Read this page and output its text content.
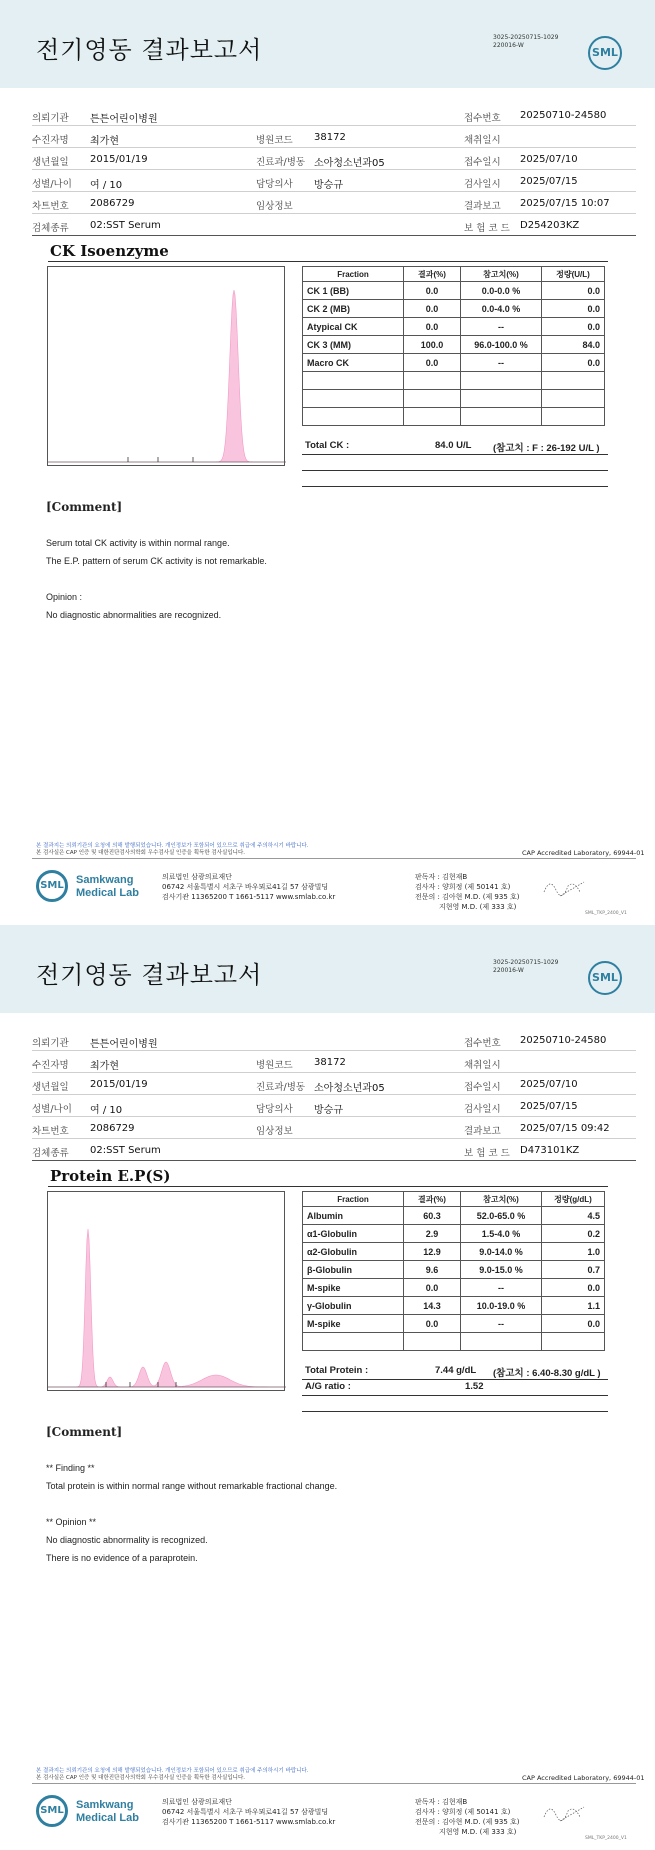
전기영동 결과보고서	3025-20250715-1029
220016-W
SML
의뢰기관 튼튼어린이병원	접수번호 20250710-24580
수진자명 최가현	병원코드 38172	채취일시
생년월일 2015/01/19	진료과/병동 소아청소년과05	접수일시 2025/07/10
성별/나이 여 / 10	담당의사 방승규	검사일시 2025/07/15
차트번호 2086729	임상정보	결과보고 2025/07/15 10:07
검체종류 02:SST Serum	보 험 코 드 D254203KZ
CK Isoenzyme
Fraction	결과(%)	참고치(%)	정량(U/L)
CK 1 (BB)	0.0	0.0-0.0 %	0.0
CK 2 (MB)	0.0	0.0-4.0 %	0.0
Atypical CK	0.0	--	0.0
CK 3 (MM)	100.0	96.0-100.0 %	84.0
Macro CK	0.0	--	0.0

Total CK :	84.0 U/L (참고치 : F : 26-192 U/L )
[Comment]
Serum total CK activity is within normal range.
The E.P. pattern of serum CK activity is not remarkable.
Opinion :
No diagnostic abnormalities are recognized.
본 결과지는 의뢰기관의 요청에 의해 발행되었습니다. 개인정보가 포함되어 있으므로 취급에 주의하시기 바랍니다.
본 검사실은 CAP 인증 및 대한진단검사의학회 우수검사실 인증을 획득한 검사실입니다.	CAP Accredited Laboratory, 69944-01
SML	Samkwang
Medical Lab
의료법인 삼광의료재단
06742 서울특별시 서초구 바우뫼로41길 57 삼광빌딩
검사기관 11365200 T 1661-5117 www.smlab.co.kr
판독자 : 김현재B
검사자 : 양희정 (제 50141 호)
전문의 : 김아현 M.D. (제 935 호)
지현영 M.D. (제 333 호)
SML_TKP_2400_V1
전기영동 결과보고서	3025-20250715-1029
220016-W
SML
의뢰기관 튼튼어린이병원	접수번호 20250710-24580
수진자명 최가현	병원코드 38172	채취일시
생년월일 2015/01/19	진료과/병동 소아청소년과05	접수일시 2025/07/10
성별/나이 여 / 10	담당의사 방승규	검사일시 2025/07/15
차트번호 2086729	임상정보	결과보고 2025/07/15 09:42
검체종류 02:SST Serum	보 험 코 드 D473101KZ
Protein E.P(S)
Fraction	결과(%)	참고치(%)	정량(g/dL)
Albumin	60.3	52.0-65.0 %	4.5
α1-Globulin	2.9	1.5-4.0 %	0.2
α2-Globulin	12.9	9.0-14.0 %	1.0
β-Globulin	9.6	9.0-15.0 %	0.7
M-spike	0.0	--	0.0
γ-Globulin	14.3	10.0-19.0 %	1.1
M-spike	0.0	--	0.0

Total Protein :	7.44 g/dL (참고치 : 6.40-8.30 g/dL )
A/G ratio :	1.52
[Comment]
** Finding **
Total protein is within normal range without remarkable fractional change.
** Opinion **
No diagnostic abnormality is recognized.
There is no evidence of a paraprotein.
본 결과지는 의뢰기관의 요청에 의해 발행되었습니다. 개인정보가 포함되어 있으므로 취급에 주의하시기 바랍니다.
본 검사실은 CAP 인증 및 대한진단검사의학회 우수검사실 인증을 획득한 검사실입니다.	CAP Accredited Laboratory, 69944-01
SML	Samkwang
Medical Lab
의료법인 삼광의료재단
06742 서울특별시 서초구 바우뫼로41길 57 삼광빌딩
검사기관 11365200 T 1661-5117 www.smlab.co.kr
판독자 : 김현재B
검사자 : 양희정 (제 50141 호)
전문의 : 김아현 M.D. (제 935 호)
지현영 M.D. (제 333 호)
SML_TKP_2400_V1
